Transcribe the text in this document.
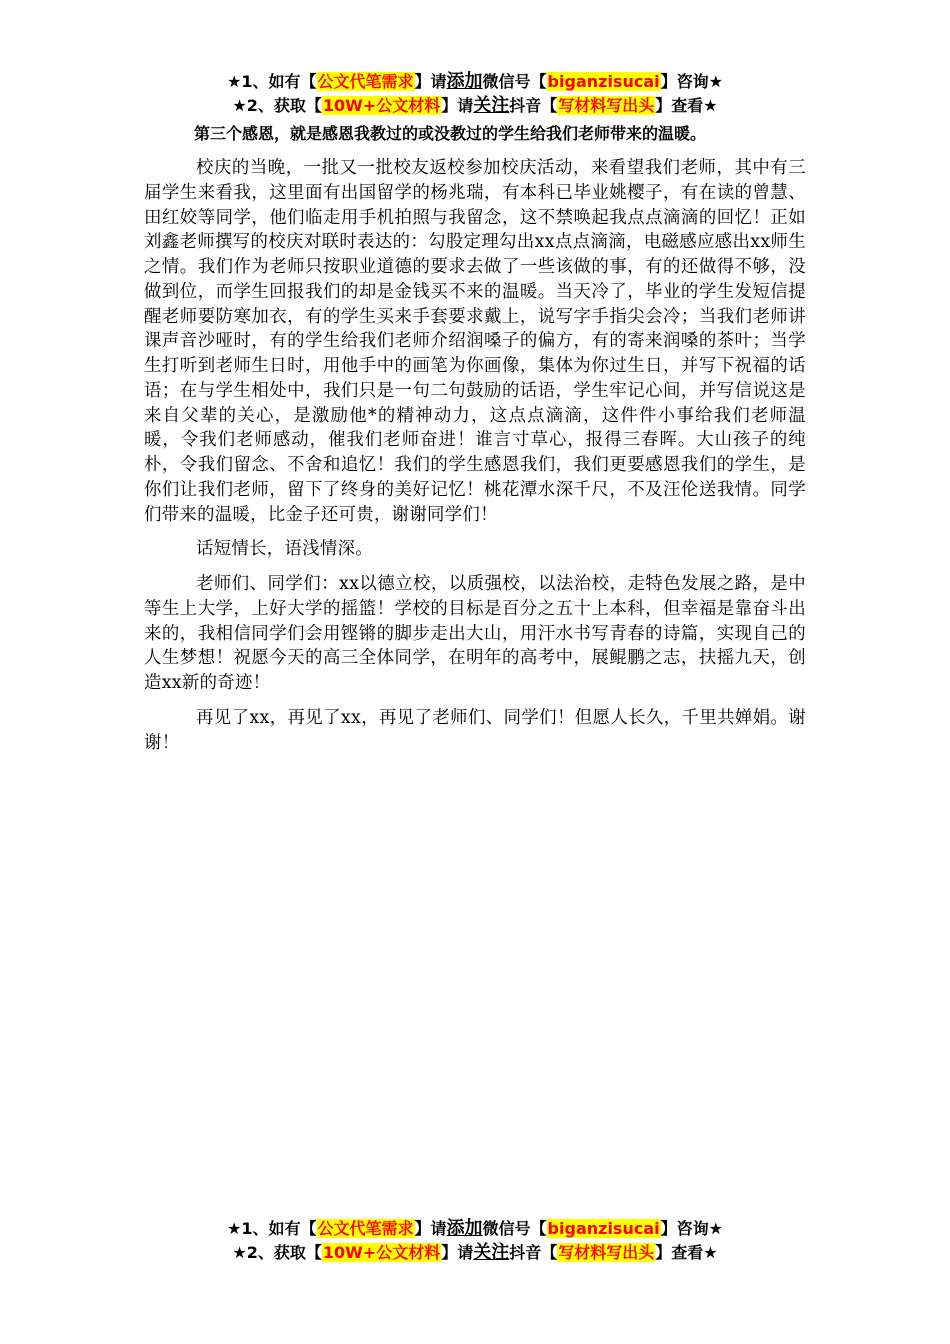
★1、如有【公文代笔需求】请添加微信号【biganzisucai】咨询★
★2、获取【10W+公文材料】请关注抖音【写材料写出头】查看★

第三个感恩，就是感恩我教过的或没教过的学生给我们老师带来的温暖。

校庆的当晚，一批又一批校友返校参加校庆活动，来看望我们老师，其中有三届学生来看我，这里面有出国留学的杨兆瑞，有本科已毕业姚樱子，有在读的曾慧、田红姣等同学，他们临走用手机拍照与我留念，这不禁唤起我点点滴滴的回忆！正如刘鑫老师撰写的校庆对联时表达的：勾股定理勾出xx点点滴滴，电磁感应感出xx师生之情。我们作为老师只按职业道德的要求去做了一些该做的事，有的还做得不够，没做到位，而学生回报我们的却是金钱买不来的温暖。当天冷了，毕业的学生发短信提醒老师要防寒加衣，有的学生买来手套要求戴上，说写字手指尖会冷；当我们老师讲课声音沙哑时，有的学生给我们老师介绍润嗓子的偏方，有的寄来润嗓的茶叶；当学生打听到老师生日时，用他手中的画笔为你画像，集体为你过生日，并写下祝福的话语；在与学生相处中，我们只是一句二句鼓励的话语，学生牢记心间，并写信说这是来自父辈的关心，是激励他*的精神动力，这点点滴滴，这件件小事给我们老师温暖，令我们老师感动，催我们老师奋进！谁言寸草心，报得三春晖。大山孩子的纯朴，令我们留念、不舍和追忆！我们的学生感恩我们，我们更要感恩我们的学生，是你们让我们老师，留下了终身的美好记忆！桃花潭水深千尺，不及汪伦送我情。同学们带来的温暖，比金子还可贵，谢谢同学们！

话短情长，语浅情深。

老师们、同学们：xx以德立校，以质强校，以法治校，走特色发展之路，是中等生上大学，上好大学的摇篮！学校的目标是百分之五十上本科，但幸福是靠奋斗出来的，我相信同学们会用铿锵的脚步走出大山，用汗水书写青春的诗篇，实现自己的人生梦想！祝愿今天的高三全体同学，在明年的高考中，展鲲鹏之志，扶摇九天，创造xx新的奇迹！

再见了xx，再见了xx，再见了老师们、同学们！但愿人长久，千里共婵娟。谢谢！

★1、如有【公文代笔需求】请添加微信号【biganzisucai】咨询★
★2、获取【10W+公文材料】请关注抖音【写材料写出头】查看★
